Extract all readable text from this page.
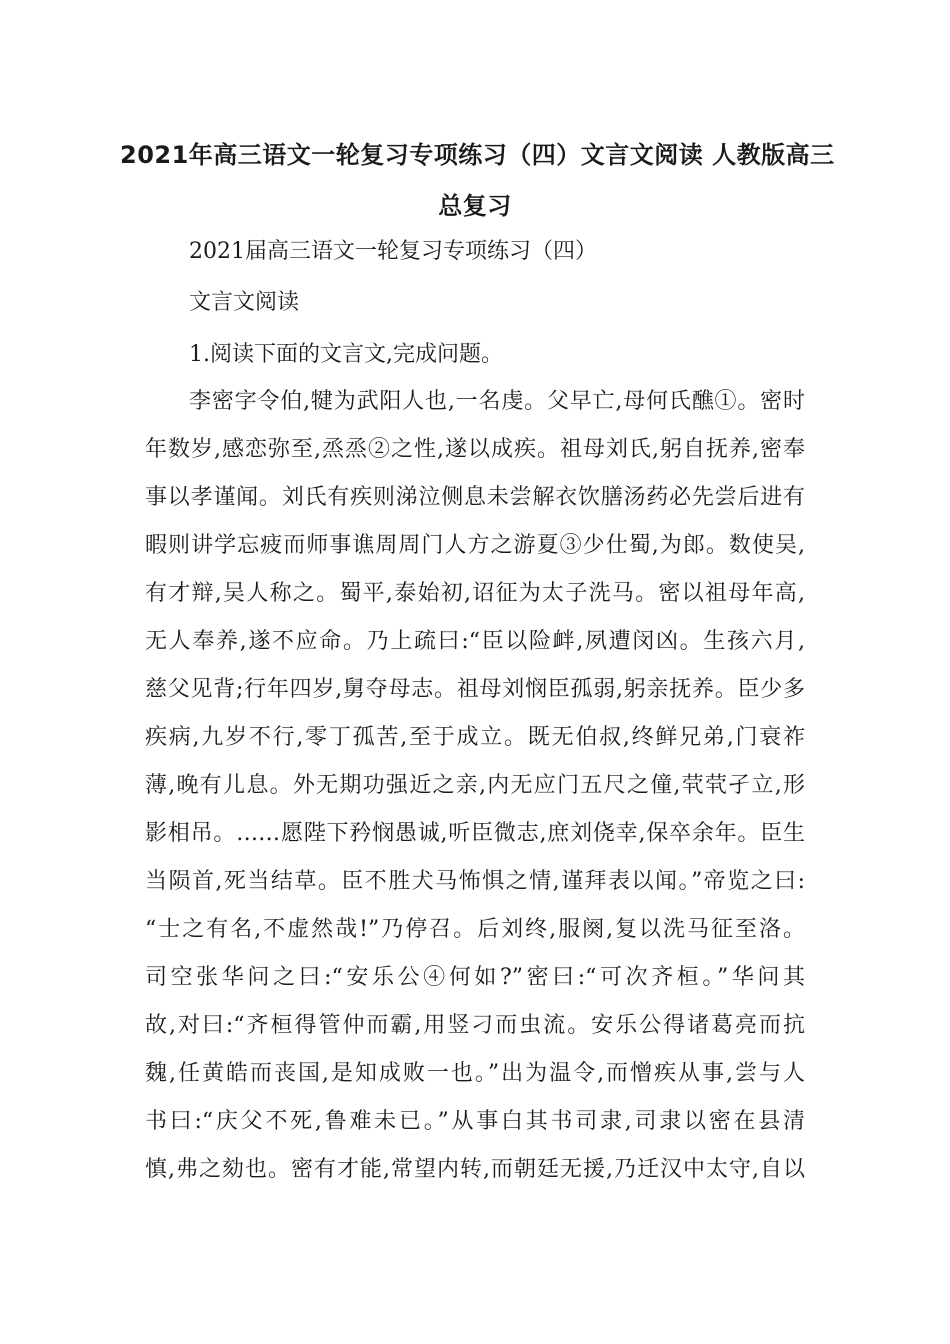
2021年高三语文一轮复习专项练习（四）文言文阅读 人教版高三
总复习
2021届高三语文一轮复习专项练习（四）
文言文阅读
1.阅读下面的文言文,完成问题。
李密字令伯,犍为武阳人也,一名虔。父早亡,母何氏醮①。密时
年数岁,感恋弥至,烝烝②之性,遂以成疾。祖母刘氏,躬自抚养,密奉
事以孝谨闻。刘氏有疾则涕泣侧息未尝解衣饮膳汤药必先尝后进有
暇则讲学忘疲而师事谯周周门人方之游夏③少仕蜀,为郎。数使吴,
有才辩,吴人称之。蜀平,泰始初,诏征为太子洗马。密以祖母年高,
无人奉养,遂不应命。乃上疏曰:“臣以险衅,夙遭闵凶。生孩六月,
慈父见背;行年四岁,舅夺母志。祖母刘悯臣孤弱,躬亲抚养。臣少多
疾病,九岁不行,零丁孤苦,至于成立。既无伯叔,终鲜兄弟,门衰祚
薄,晚有儿息。外无期功强近之亲,内无应门五尺之僮,茕茕孑立,形
影相吊。……愿陛下矜悯愚诚,听臣微志,庶刘侥幸,保卒余年。臣生
当陨首,死当结草。臣不胜犬马怖惧之情,谨拜表以闻。”帝览之曰:
“士之有名,不虚然哉!”乃停召。后刘终,服阕,复以洗马征至洛。
司空张华问之曰:“安乐公④何如?”密曰:“可次齐桓。”华问其
故,对曰:“齐桓得管仲而霸,用竖刁而虫流。安乐公得诸葛亮而抗
魏,任黄皓而丧国,是知成败一也。”出为温令,而憎疾从事,尝与人
书曰:“庆父不死,鲁难未已。”从事白其书司隶,司隶以密在县清
慎,弗之劾也。密有才能,常望内转,而朝廷无援,乃迁汉中太守,自以
